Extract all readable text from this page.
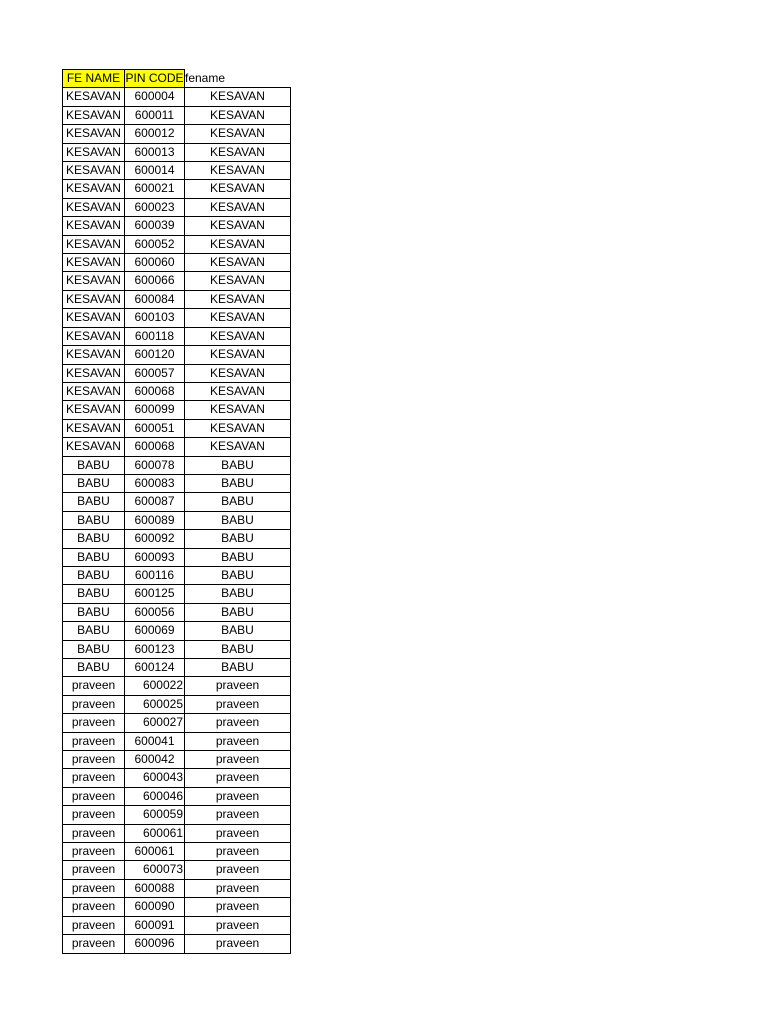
FE NAME	PIN CODE	fename
KESAVAN	600004	KESAVAN
KESAVAN	600011	KESAVAN
KESAVAN	600012	KESAVAN
KESAVAN	600013	KESAVAN
KESAVAN	600014	KESAVAN
KESAVAN	600021	KESAVAN
KESAVAN	600023	KESAVAN
KESAVAN	600039	KESAVAN
KESAVAN	600052	KESAVAN
KESAVAN	600060	KESAVAN
KESAVAN	600066	KESAVAN
KESAVAN	600084	KESAVAN
KESAVAN	600103	KESAVAN
KESAVAN	600118	KESAVAN
KESAVAN	600120	KESAVAN
KESAVAN	600057	KESAVAN
KESAVAN	600068	KESAVAN
KESAVAN	600099	KESAVAN
KESAVAN	600051	KESAVAN
KESAVAN	600068	KESAVAN
BABU	600078	BABU
BABU	600083	BABU
BABU	600087	BABU
BABU	600089	BABU
BABU	600092	BABU
BABU	600093	BABU
BABU	600116	BABU
BABU	600125	BABU
BABU	600056	BABU
BABU	600069	BABU
BABU	600123	BABU
BABU	600124	BABU
praveen	600022	praveen
praveen	600025	praveen
praveen	600027	praveen
praveen	600041	praveen
praveen	600042	praveen
praveen	600043	praveen
praveen	600046	praveen
praveen	600059	praveen
praveen	600061	praveen
praveen	600061	praveen
praveen	600073	praveen
praveen	600088	praveen
praveen	600090	praveen
praveen	600091	praveen
praveen	600096	praveen
